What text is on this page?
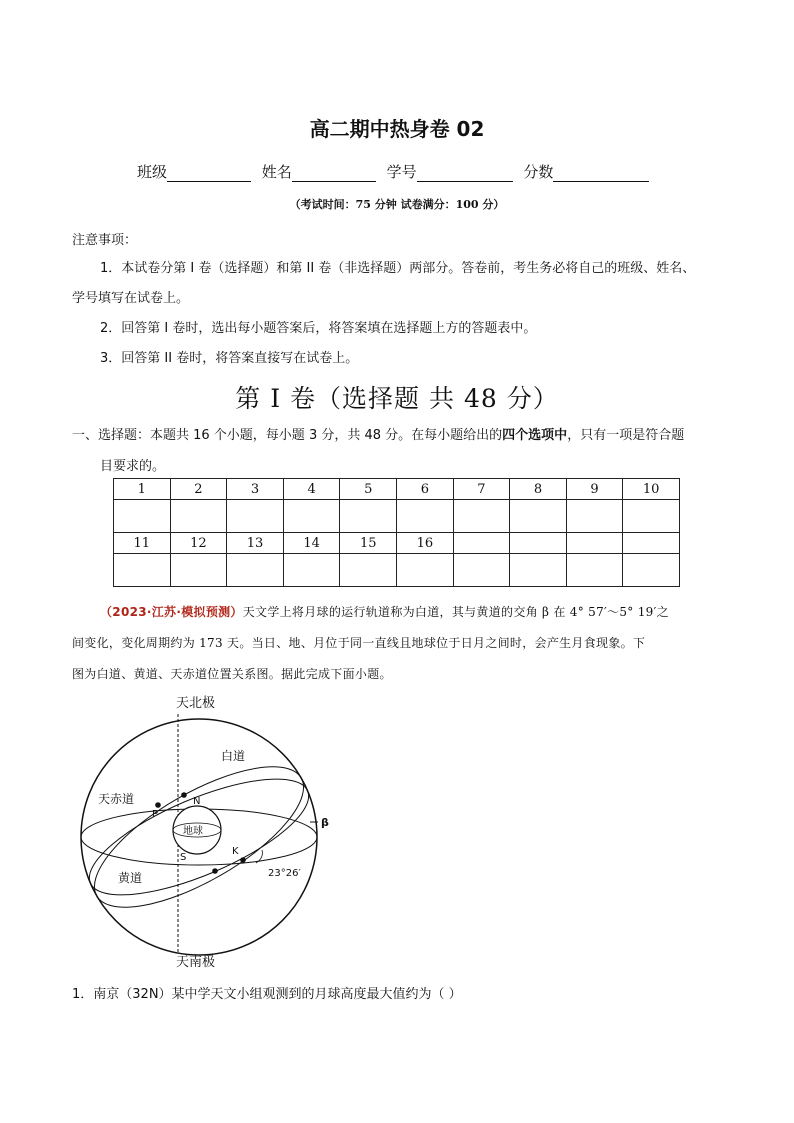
高二期中热身卷 02
班级	姓名	学号	分数
（考试时间：75 分钟 试卷满分：100 分）
注意事项：
1．本试卷分第 I 卷（选择题）和第 II 卷（非选择题）两部分。答卷前，考生务必将自己的班级、姓名、
学号填写在试卷上。
2．回答第 I 卷时，选出每小题答案后，将答案填在选择题上方的答题表中。
3．回答第 II 卷时，将答案直接写在试卷上。
第 I 卷（选择题 共 48 分）
一、选择题：本题共 16 个小题，每小题 3 分，共 48 分。在每小题给出的四个选项中，只有一项是符合题
目要求的。
1	2	3	4	5	6	7	8	9	10

11	12	13	14	15	16				

（2023·江苏·模拟预测）天文学上将月球的运行轨道称为白道，其与黄道的交角 β 在 4° 57′～5° 19′之
间变化，变化周期约为 173 天。当日、地、月位于同一直线且地球位于日月之间时，会产生月食现象。下
图为白道、黄道、天赤道位置关系图。据此完成下面小题。
天北极
天南极
白道
天赤道
黄道
地球
N
S
P
K
β
23°26′
1．南京（32N）某中学天文小组观测到的月球高度最大值约为（ ）
